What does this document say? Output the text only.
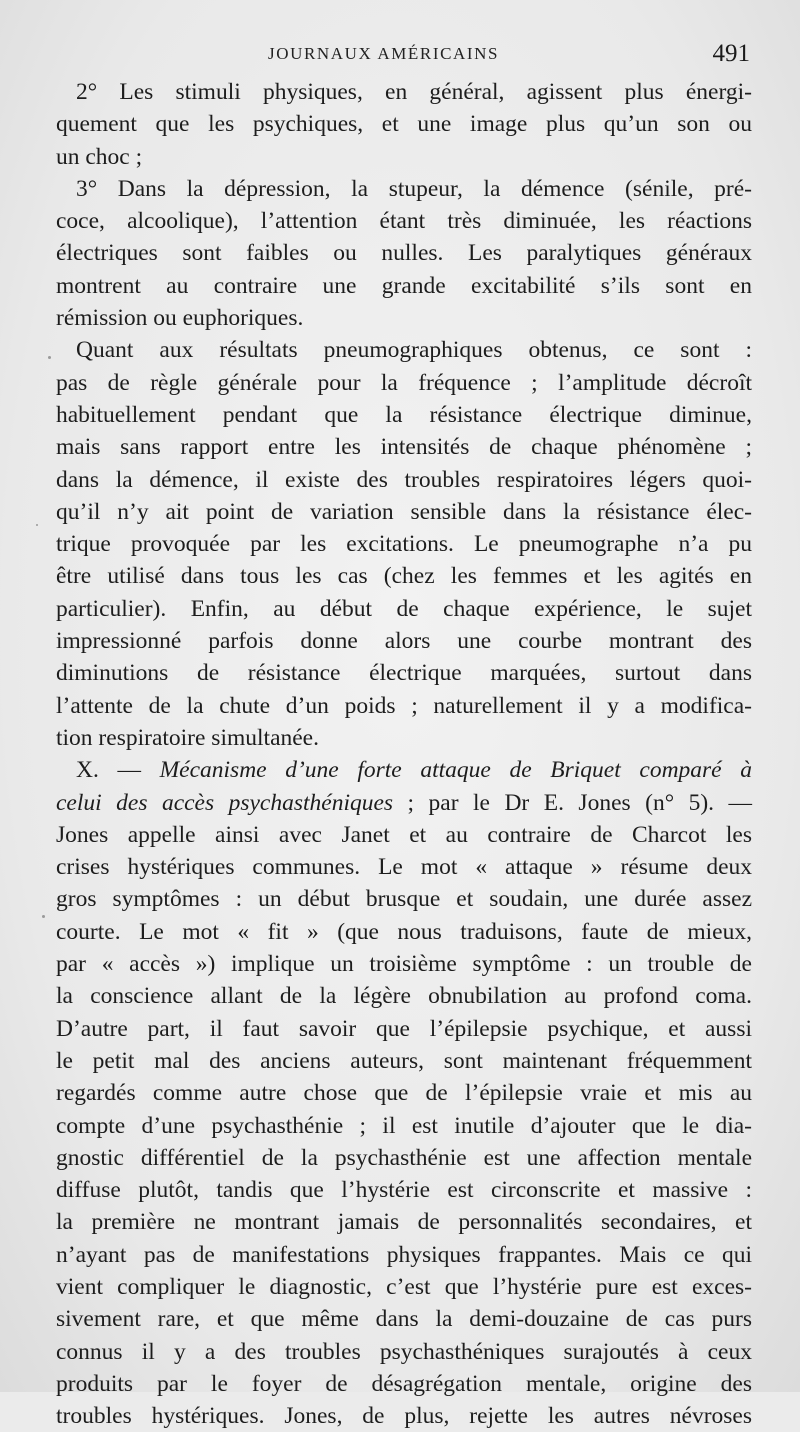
JOURNAUX AMÉRICAINS	491
2° Les stimuli physiques, en général, agissent plus énergi-
quement que les psychiques, et une image plus qu’un son ou
un choc ;
3° Dans la dépression, la stupeur, la démence (sénile, pré-
coce, alcoolique), l’attention étant très diminuée, les réactions
électriques sont faibles ou nulles. Les paralytiques généraux
montrent au contraire une grande excitabilité s’ils sont en
rémission ou euphoriques.
Quant aux résultats pneumographiques obtenus, ce sont :
pas de règle générale pour la fréquence ; l’amplitude décroît
habituellement pendant que la résistance électrique diminue,
mais sans rapport entre les intensités de chaque phénomène ;
dans la démence, il existe des troubles respiratoires légers quoi-
qu’il n’y ait point de variation sensible dans la résistance élec-
trique provoquée par les excitations. Le pneumographe n’a pu
être utilisé dans tous les cas (chez les femmes et les agités en
particulier). Enfin, au début de chaque expérience, le sujet
impressionné parfois donne alors une courbe montrant des
diminutions de résistance électrique marquées, surtout dans
l’attente de la chute d’un poids ; naturellement il y a modifica-
tion respiratoire simultanée.
X. — Mécanisme d’une forte attaque de Briquet comparé à
celui des accès psychasthéniques ; par le Dr E. Jones (n° 5). —
Jones appelle ainsi avec Janet et au contraire de Charcot les
crises hystériques communes. Le mot « attaque » résume deux
gros symptômes : un début brusque et soudain, une durée assez
courte. Le mot « fit » (que nous traduisons, faute de mieux,
par « accès ») implique un troisième symptôme : un trouble de
la conscience allant de la légère obnubilation au profond coma.
D’autre part, il faut savoir que l’épilepsie psychique, et aussi
le petit mal des anciens auteurs, sont maintenant fréquemment
regardés comme autre chose que de l’épilepsie vraie et mis au
compte d’une psychasthénie ; il est inutile d’ajouter que le dia-
gnostic différentiel de la psychasthénie est une affection mentale
diffuse plutôt, tandis que l’hystérie est circonscrite et massive :
la première ne montrant jamais de personnalités secondaires, et
n’ayant pas de manifestations physiques frappantes. Mais ce qui
vient compliquer le diagnostic, c’est que l’hystérie pure est exces-
sivement rare, et que même dans la demi-douzaine de cas purs
connus il y a des troubles psychasthéniques surajoutés à ceux
produits par le foyer de désagrégation mentale, origine des
troubles hystériques. Jones, de plus, rejette les autres névroses
